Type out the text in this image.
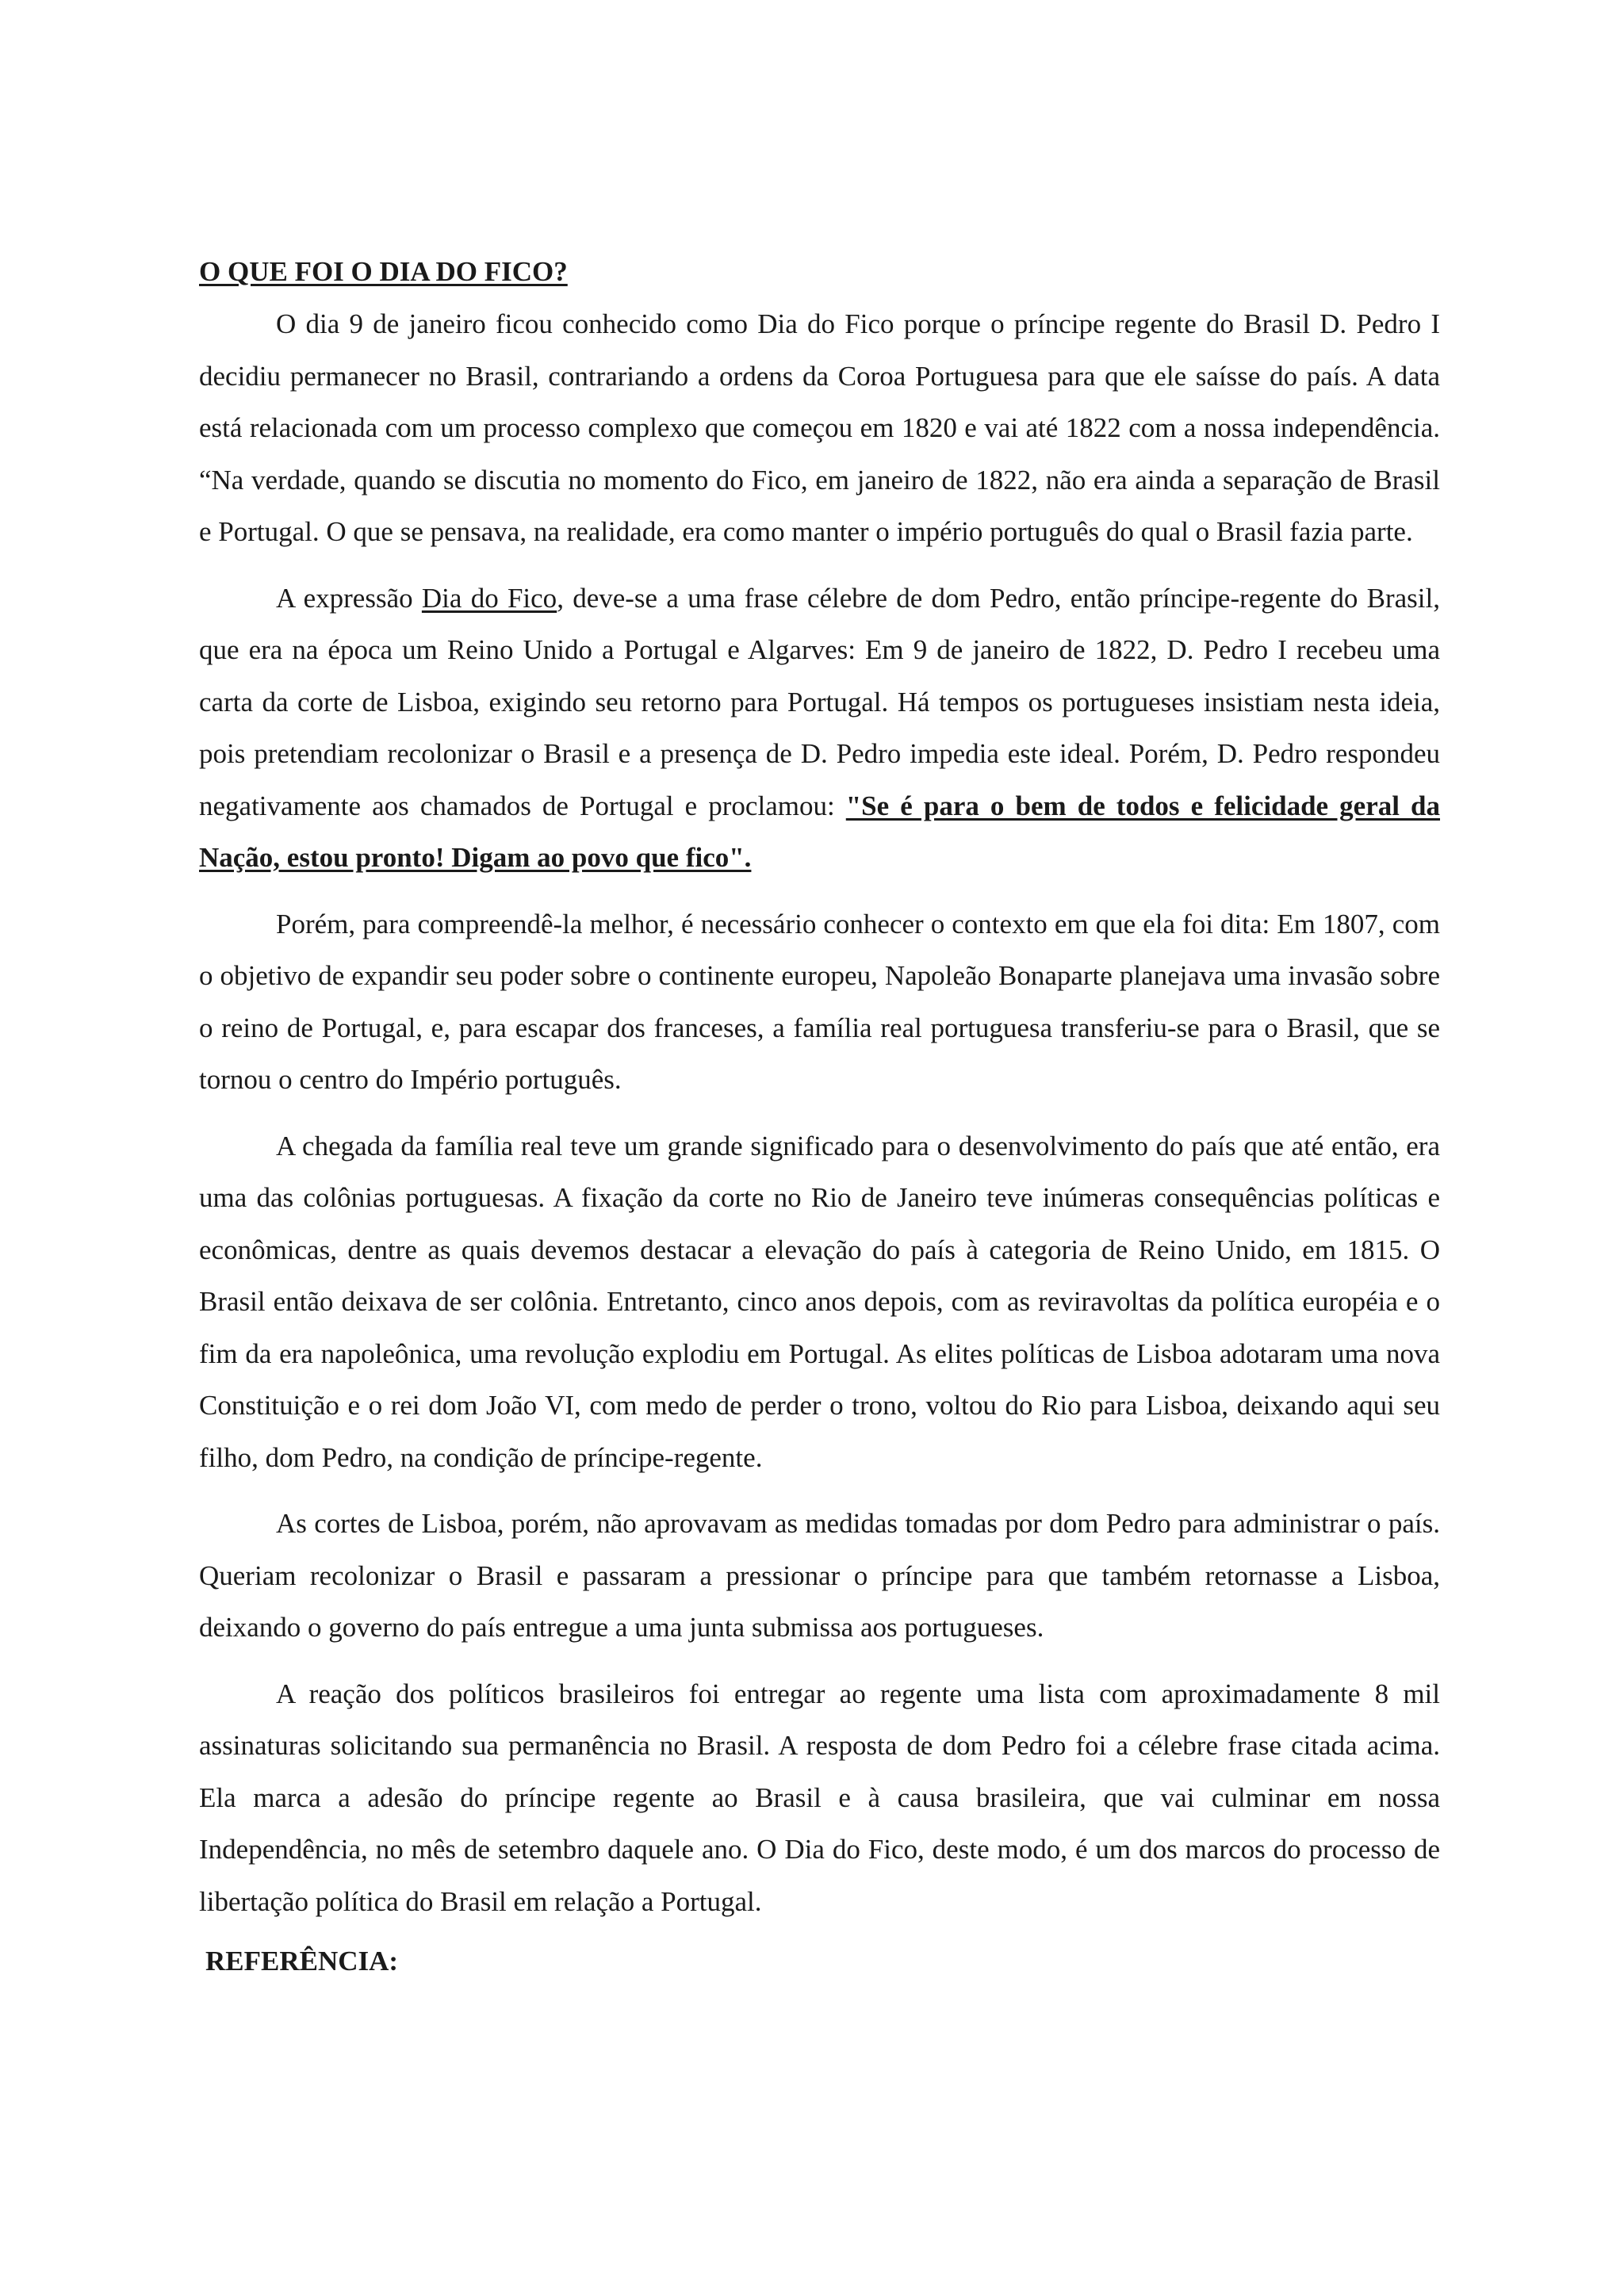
O QUE FOI O DIA DO FICO?

O dia 9 de janeiro ficou conhecido como Dia do Fico porque o príncipe regente do Brasil D. Pedro I decidiu permanecer no Brasil, contrariando a ordens da Coroa Portuguesa para que ele saísse do país. A data está relacionada com um processo complexo que começou em 1820 e vai até 1822 com a nossa independência. “Na verdade, quando se discutia no momento do Fico, em janeiro de 1822, não era ainda a separação de Brasil e Portugal. O que se pensava, na realidade, era como manter o império português do qual o Brasil fazia parte.

A expressão Dia do Fico, deve-se a uma frase célebre de dom Pedro, então príncipe-regente do Brasil, que era na época um Reino Unido a Portugal e Algarves: Em 9 de janeiro de 1822, D. Pedro I recebeu uma carta da corte de Lisboa, exigindo seu retorno para Portugal. Há tempos os portugueses insistiam nesta ideia, pois pretendiam recolonizar o Brasil e a presença de D. Pedro impedia este ideal. Porém, D. Pedro respondeu negativamente aos chamados de Portugal e proclamou: "Se é para o bem de todos e felicidade geral da Nação, estou pronto! Digam ao povo que fico".

Porém, para compreendê-la melhor, é necessário conhecer o contexto em que ela foi dita: Em 1807, com o objetivo de expandir seu poder sobre o continente europeu, Napoleão Bonaparte planejava uma invasão sobre o reino de Portugal, e, para escapar dos franceses, a família real portuguesa transferiu-se para o Brasil, que se tornou o centro do Império português.

A chegada da família real teve um grande significado para o desenvolvimento do país que até então, era uma das colônias portuguesas. A fixação da corte no Rio de Janeiro teve inúmeras consequências políticas e econômicas, dentre as quais devemos destacar a elevação do país à categoria de Reino Unido, em 1815. O Brasil então deixava de ser colônia. Entretanto, cinco anos depois, com as reviravoltas da política européia e o fim da era napoleônica, uma revolução explodiu em Portugal. As elites políticas de Lisboa adotaram uma nova Constituição e o rei dom João VI, com medo de perder o trono, voltou do Rio para Lisboa, deixando aqui seu filho, dom Pedro, na condição de príncipe-regente.

As cortes de Lisboa, porém, não aprovavam as medidas tomadas por dom Pedro para administrar o país. Queriam recolonizar o Brasil e passaram a pressionar o príncipe para que também retornasse a Lisboa, deixando o governo do país entregue a uma junta submissa aos portugueses.

A reação dos políticos brasileiros foi entregar ao regente uma lista com aproximadamente 8 mil assinaturas solicitando sua permanência no Brasil. A resposta de dom Pedro foi a célebre frase citada acima. Ela marca a adesão do príncipe regente ao Brasil e à causa brasileira, que vai culminar em nossa Independência, no mês de setembro daquele ano. O Dia do Fico, deste modo, é um dos marcos do processo de libertação política do Brasil em relação a Portugal.

REFERÊNCIA:
